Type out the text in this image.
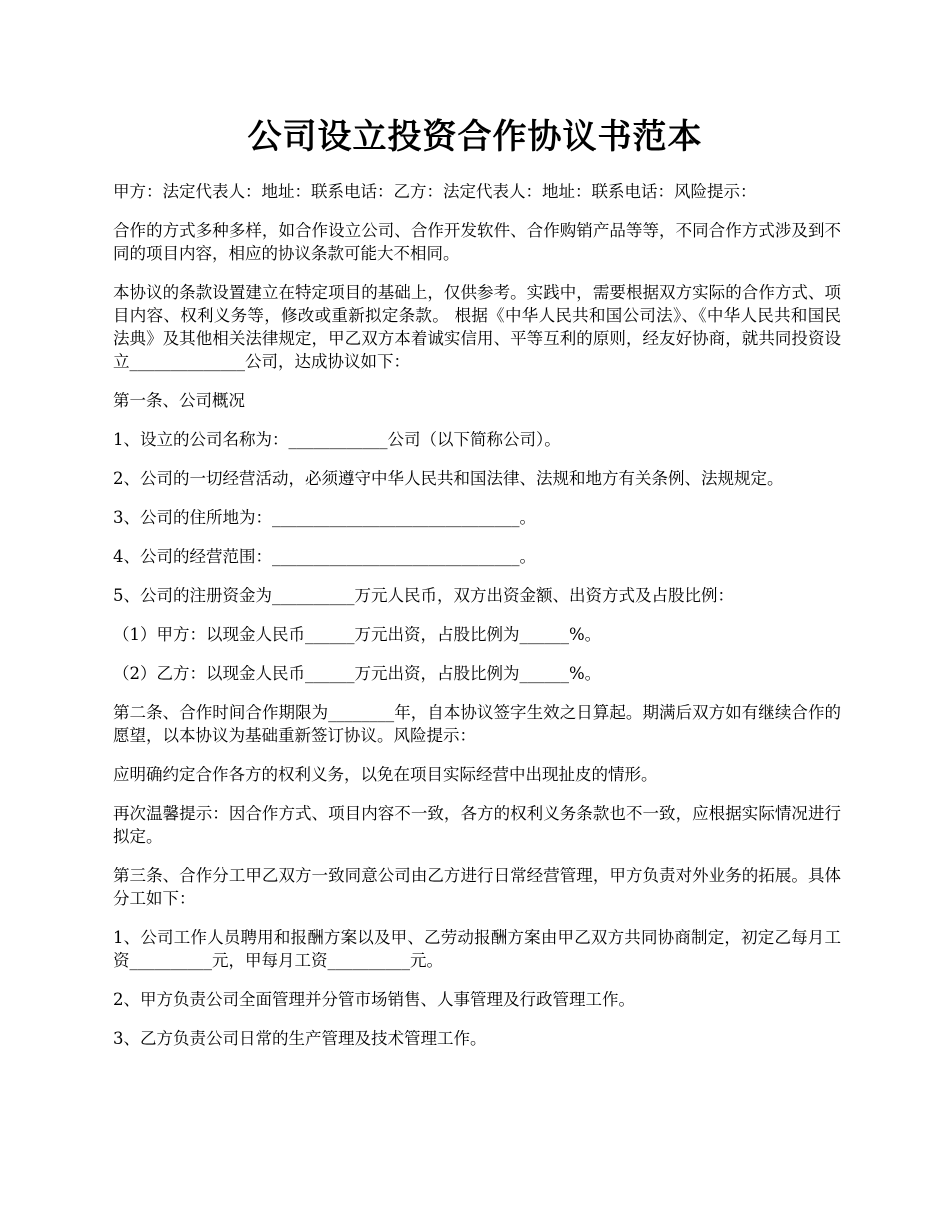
公司设立投资合作协议书范本

甲方：法定代表人：地址：联系电话：乙方：法定代表人：地址：联系电话：风险提示：

合作的方式多种多样，如合作设立公司、合作开发软件、合作购销产品等等，不同合作方式涉及到不同的项目内容，相应的协议条款可能大不相同。

本协议的条款设置建立在特定项目的基础上，仅供参考。实践中，需要根据双方实际的合作方式、项目内容、权利义务等，修改或重新拟定条款。 根据《中华人民共和国公司法》、《中华人民共和国民法典》及其他相关法律规定，甲乙双方本着诚实信用、平等互利的原则，经友好协商，就共同投资设立______________公司，达成协议如下：

第一条、公司概况

1、设立的公司名称为：____________公司（以下简称公司）。

2、公司的一切经营活动，必须遵守中华人民共和国法律、法规和地方有关条例、法规规定。

3、公司的住所地为：______________________________。

4、公司的经营范围：______________________________。

5、公司的注册资金为__________万元人民币，双方出资金额、出资方式及占股比例：

（1）甲方：以现金人民币______万元出资，占股比例为______%。

（2）乙方：以现金人民币______万元出资，占股比例为______%。

第二条、合作时间合作期限为________年，自本协议签字生效之日算起。期满后双方如有继续合作的愿望，以本协议为基础重新签订协议。风险提示：

应明确约定合作各方的权利义务，以免在项目实际经营中出现扯皮的情形。

再次温馨提示：因合作方式、项目内容不一致，各方的权利义务条款也不一致，应根据实际情况进行拟定。

第三条、合作分工甲乙双方一致同意公司由乙方进行日常经营管理，甲方负责对外业务的拓展。具体分工如下：

1、公司工作人员聘用和报酬方案以及甲、乙劳动报酬方案由甲乙双方共同协商制定，初定乙每月工资__________元，甲每月工资__________元。

2、甲方负责公司全面管理并分管市场销售、人事管理及行政管理工作。

3、乙方负责公司日常的生产管理及技术管理工作。
